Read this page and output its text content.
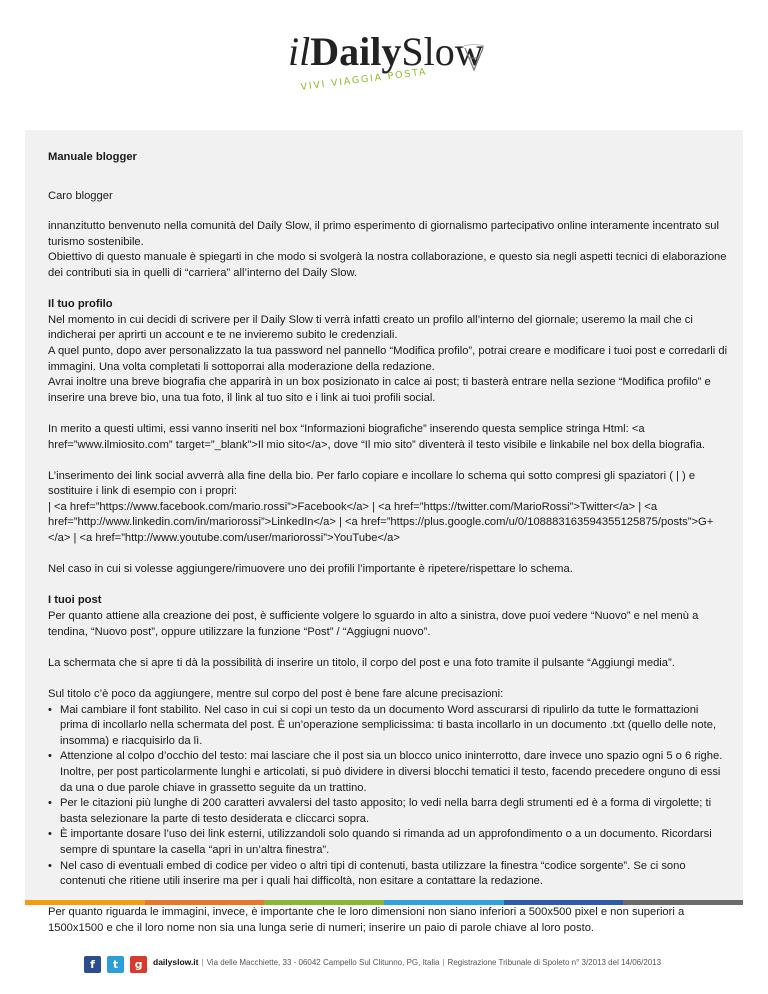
ilDailySlow
VIVI VIAGGIA POSTA

Manuale blogger

Caro blogger

innanzitutto benvenuto nella comunità del Daily Slow, il primo esperimento di giornalismo partecipativo online interamente incentrato sul turismo sostenibile.
Obiettivo di questo manuale è spiegarti in che modo si svolgerà la nostra collaborazione, e questo sia negli aspetti tecnici di elaborazione dei contributi sia in quelli di “carriera” all’interno del Daily Slow.

Il tuo profilo
Nel momento in cui decidi di scrivere per il Daily Slow ti verrà infatti creato un profilo all’interno del giornale; useremo la mail che ci indicherai per aprirti un account e te ne invieremo subito le credenziali.
A quel punto, dopo aver personalizzato la tua password nel pannello “Modifica profilo”, potrai creare e modificare i tuoi post e corredarli di immagini. Una volta completati li sottoporrai alla moderazione della redazione.
Avrai inoltre una breve biografia che apparirà in un box posizionato in calce ai post; ti basterà entrare nella sezione “Modifica profilo” e inserire una breve bio, una tua foto, il link al tuo sito e i link ai tuoi profili social.

In merito a questi ultimi, essi vanno inseriti nel box “Informazioni biografiche” inserendo questa semplice stringa Html: <a href=”www.ilmiosito.com” target=”_blank”>Il mio sito</a>, dove “Il mio sito” diventerà il testo visibile e linkabile nel box della biografia.

L’inserimento dei link social avverrà alla fine della bio. Per farlo copiare e incollare lo schema qui sotto compresi gli spaziatori ( | ) e sostituire i link di esempio con i propri:
| <a href=”https://www.facebook.com/mario.rossi”>Facebook</a> | <a href=”https://twitter.com/MarioRossi”>Twitter</a> | <a href=”http://www.linkedin.com/in/mariorossi”>LinkedIn</a> | <a href=”https://plus.google.com/u/0/108883163594355125875/posts”>G+</a> | <a href=”http://www.youtube.com/user/mariorossi”>YouTube</a>

Nel caso in cui si volesse aggiungere/rimuovere uno dei profili l’importante è ripetere/rispettare lo schema.

I tuoi post
Per quanto attiene alla creazione dei post, è sufficiente volgere lo sguardo in alto a sinistra, dove puoi vedere “Nuovo” e nel menù a tendina, “Nuovo post”, oppure utilizzare la funzione “Post” / “Aggiugni nuovo”.

La schermata che si apre ti dà la possibilità di inserire un titolo, il corpo del post e una foto tramite il pulsante “Aggiungi media”.

Sul titolo c’è poco da aggiungere, mentre sul corpo del post è bene fare alcune precisazioni:

• Mai cambiare il font stabilito. Nel caso in cui si copi un testo da un documento Word asscurarsi di ripulirlo da tutte le formattazioni prima di incollarlo nella schermata del post. È un’operazione semplicissima: ti basta incollarlo in un documento .txt (quello delle note, insomma) e riacquisirlo da lì.
• Attenzione al colpo d’occhio del testo: mai lasciare che il post sia un blocco unico ininterrotto, dare invece uno spazio ogni 5 o 6 righe. Inoltre, per post particolarmente lunghi e articolati, si può dividere in diversi blocchi tematici il testo, facendo precedere onguno di essi da una o due parole chiave in grassetto seguite da un trattino.
• Per le citazioni più lunghe di 200 caratteri avvalersi del tasto apposito; lo vedi nella barra degli strumenti ed è a forma di virgolette; ti basta selezionare la parte di testo desiderata e cliccarci sopra.
• È importante dosare l’uso dei link esterni, utilizzandoli solo quando si rimanda ad un approfondimento o a un documento. Ricordarsi sempre di spuntare la casella “apri in un’altra finestra”.
• Nel caso di eventuali embed di codice per video o altri tipi di contenuti, basta utilizzare la finestra “codice sorgente”. Se ci sono contenuti che ritiene utili inserire ma per i quali hai difficoltà, non esitare a contattare la redazione.

Per quanto riguarda le immagini, invece, è importante che le loro dimensioni non siano inferiori a 500x500 pixel e non superiori a 1500x1500 e che il loro nome non sia una lunga serie di numeri; inserire un paio di parole chiave al loro posto.

f	t	g	dailyslow.it | Via delle Macchiette, 33 - 06042 Campello Sul Clitunno, PG, Italia | Registrazione Tribunale di Spoleto n° 3/2013 del 14/06/2013
